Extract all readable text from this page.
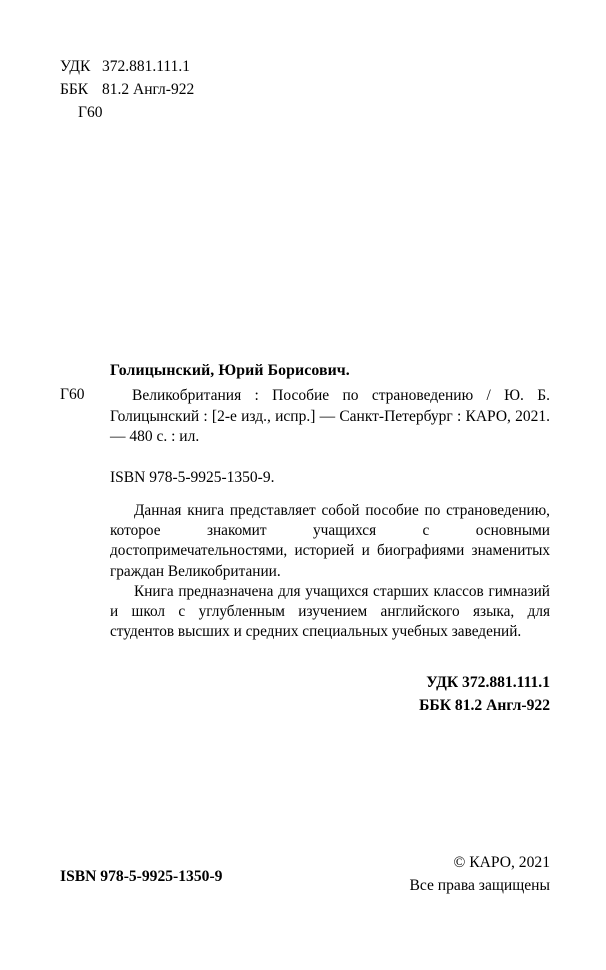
УДК 372.881.111.1
ББК 81.2 Англ-922
Г60
Голицынский, Юрий Борисович.
Г60	Великобритания : Пособие по страноведению / Ю. Б. Голицынский : [2-е изд., испр.] — Санкт-Петербург : КАРО, 2021. — 480 с. : ил.
ISBN 978-5-9925-1350-9.
Данная книга представляет собой пособие по страноведению, которое знакомит учащихся с основными достопримечательностями, историей и биографиями знаменитых граждан Великобритании.
Книга предназначена для учащихся старших классов гимназий и школ с углубленным изучением английского языка, для студентов высших и средних специальных учебных заведений.
УДК 372.881.111.1
ББК 81.2 Англ-922
ISBN 978-5-9925-1350-9
© КАРО, 2021
Все права защищены
